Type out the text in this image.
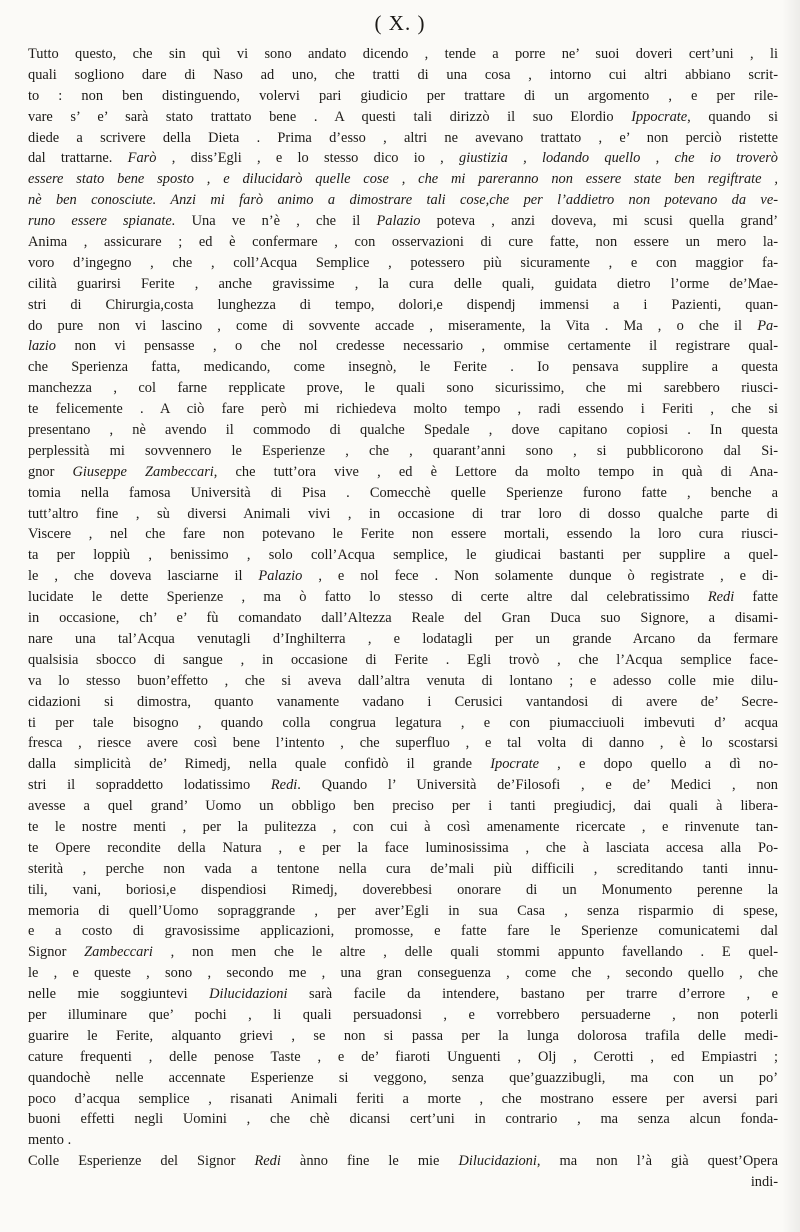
( X. )
Tutto questo, che sin quì vi sono andato dicendo , tende a porre ne’ suoi doveri cert’uni , li
quali sogliono dare di Naso ad uno, che tratti di una cosa , intorno cui altri abbiano scrit-
to : non ben distinguendo, volervi pari giudicio per trattare di un argomento , e per rile-
vare s’ e’ sarà stato trattato bene . A questi tali dirizzò il suo Elordio Ippocrate, quando si
diede a scrivere della Dieta . Prima d’esso , altri ne avevano trattato , e’ non perciò ristette
dal trattarne. Farò , diss’Egli , e lo stesso dico io , giustizia , lodando quello , che io troverò
essere stato bene sposto , e dilucidarò quelle cose , che mi pareranno non essere state ben regiftrate ,
nè ben conosciute. Anzi mi farò animo a dimostrare tali cose,che per l’addietro non potevano da ve-
runo essere spianate. Una ve n’è , che il Palazio poteva , anzi doveva, mi scusi quella grand’
Anima , assicurare ; ed è confermare , con osservazioni di cure fatte, non essere un mero la-
voro d’ingegno , che , coll’Acqua Semplice , potessero più sicuramente , e con maggior fa-
cilità guarirsi Ferite , anche gravissime , la cura delle quali, guidata dietro l’orme de’Mae-
stri di Chirurgia,costa lunghezza di tempo, dolori,e dispendj immensi a i Pazienti, quan-
do pure non vi lascino , come di sovvente accade , miseramente, la Vita . Ma , o che il Pa-
lazio non vi pensasse , o che nol credesse necessario , ommise certamente il registrare qual-
che Sperienza fatta, medicando, come insegnò, le Ferite . Io pensava supplire a questa
manchezza , col farne repplicate prove, le quali sono sicurissimo, che mi sarebbero riusci-
te felicemente . A ciò fare però mi richiedeva molto tempo , radi essendo i Feriti , che si
presentano , nè avendo il commodo di qualche Spedale , dove capitano copiosi . In questa
perplessità mi sovvennero le Esperienze , che , quarant’anni sono , si pubblicorono dal Si-
gnor Giuseppe Zambeccari, che tutt’ora vive , ed è Lettore da molto tempo in quà di Ana-
tomia nella famosa Università di Pisa . Comecchè quelle Sperienze furono fatte , benche a
tutt’altro fine , sù diversi Animali vivi , in occasione di trar loro di dosso qualche parte di
Viscere , nel che fare non potevano le Ferite non essere mortali, essendo la loro cura riusci-
ta per loppiù , benissimo , solo coll’Acqua semplice, le giudicai bastanti per supplire a quel-
le , che doveva lasciarne il Palazio , e nol fece . Non solamente dunque ò registrate , e di-
lucidate le dette Sperienze , ma ò fatto lo stesso di certe altre dal celebratissimo Redi fatte
in occasione, ch’ e’ fù comandato dall’Altezza Reale del Gran Duca suo Signore, a disami-
nare una tal’Acqua venutagli d’Inghilterra , e lodatagli per un grande Arcano da fermare
qualsisia sbocco di sangue , in occasione di Ferite . Egli trovò , che l’Acqua semplice face-
va lo stesso buon’effetto , che si aveva dall’altra venuta di lontano ; e adesso colle mie dilu-
cidazioni si dimostra, quanto vanamente vadano i Cerusici vantandosi di avere de’ Secre-
ti per tale bisogno , quando colla congrua legatura , e con piumacciuoli imbevuti d’ acqua
fresca , riesce avere così bene l’intento , che superfluo , e tal volta di danno , è lo scostarsi
dalla simplicità de’ Rimedj, nella quale confidò il grande Ipocrate , e dopo quello a dì no-
stri il sopraddetto lodatissimo Redi. Quando l’ Università de’Filosofi , e de’ Medici , non
avesse a quel grand’ Uomo un obbligo ben preciso per i tanti pregiudicj, dai quali à libera-
te le nostre menti , per la pulitezza , con cui à così amenamente ricercate , e rinvenute tan-
te Opere recondite della Natura , e per la face luminosissima , che à lasciata accesa alla Po-
sterità , perche non vada a tentone nella cura de’mali più difficili , screditando tanti innu-
tili, vani, boriosi,e dispendiosi Rimedj, doverebbesi onorare di un Monumento perenne la
memoria di quell’Uomo sopraggrande , per aver’Egli in sua Casa , senza risparmio di spese,
e a costo di gravosissime applicazioni, promosse, e fatte fare le Sperienze comunicatemi dal
Signor Zambeccari , non men che le altre , delle quali stommi appunto favellando . E quel-
le , e queste , sono , secondo me , una gran conseguenza , come che , secondo quello , che
nelle mie soggiuntevi Dilucidazioni sarà facile da intendere, bastano per trarre d’errore , e
per illuminare que’ pochi , li quali persuadonsi , e vorrebbero persuaderne , non poterli
guarire le Ferite, alquanto grievi , se non si passa per la lunga dolorosa trafila delle medi-
cature frequenti , delle penose Taste , e de’ fiaroti Unguenti , Olj , Cerotti , ed Empiastri ;
quandochè nelle accennate Esperienze si veggono, senza que’guazzibugli, ma con un po’
poco d’acqua semplice , risanati Animali feriti a morte , che mostrano essere per aversi pari
buoni effetti negli Uomini , che chè dicansi cert’uni in contrario , ma senza alcun fonda-
mento .
Colle Esperienze del Signor Redi ànno fine le mie Dilucidazioni, ma non l’à già quest’Opera
indi-
